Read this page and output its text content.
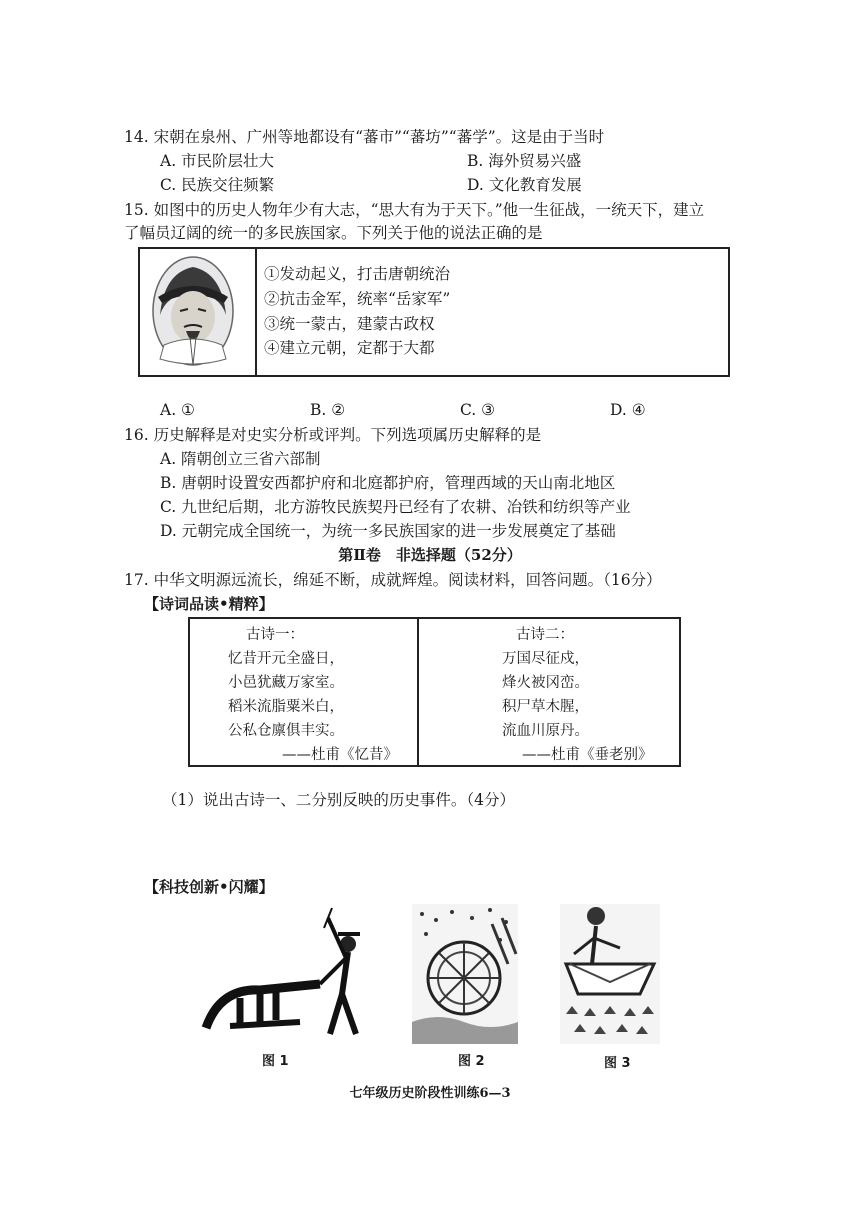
14. 宋朝在泉州、广州等地都设有“蕃市”“蕃坊”“蕃学”。这是由于当时
A. 市民阶层壮大	B. 海外贸易兴盛
C. 民族交往频繁	D. 文化教育发展
15. 如图中的历史人物年少有大志，“思大有为于天下。”他一生征战，一统天下，建立
了幅员辽阔的统一的多民族国家。下列关于他的说法正确的是
①发动起义，打击唐朝统治
②抗击金军，统率“岳家军”
③统一蒙古，建蒙古政权
④建立元朝，定都于大都
A. ①	B. ②	C. ③	D. ④
16. 历史解释是对史实分析或评判。下列选项属历史解释的是
A. 隋朝创立三省六部制
B. 唐朝时设置安西都护府和北庭都护府，管理西域的天山南北地区
C. 九世纪后期，北方游牧民族契丹已经有了农耕、冶铁和纺织等产业
D. 元朝完成全国统一，为统一多民族国家的进一步发展奠定了基础
第Ⅱ卷　非选择题（52分）
17. 中华文明源远流长，绵延不断，成就辉煌。阅读材料，回答问题。（16分）
【诗词品读•精粹】
古诗一：
忆昔开元全盛日，
小邑犹藏万家室。
稻米流脂粟米白，
公私仓廪俱丰实。
——杜甫《忆昔》
古诗二：
万国尽征戍，
烽火被冈峦。
积尸草木腥，
流血川原丹。
——杜甫《垂老别》
（1）说出古诗一、二分别反映的历史事件。（4分）
【科技创新•闪耀】
图 1	图 2	图 3
七年级历史阶段性训练6—3
